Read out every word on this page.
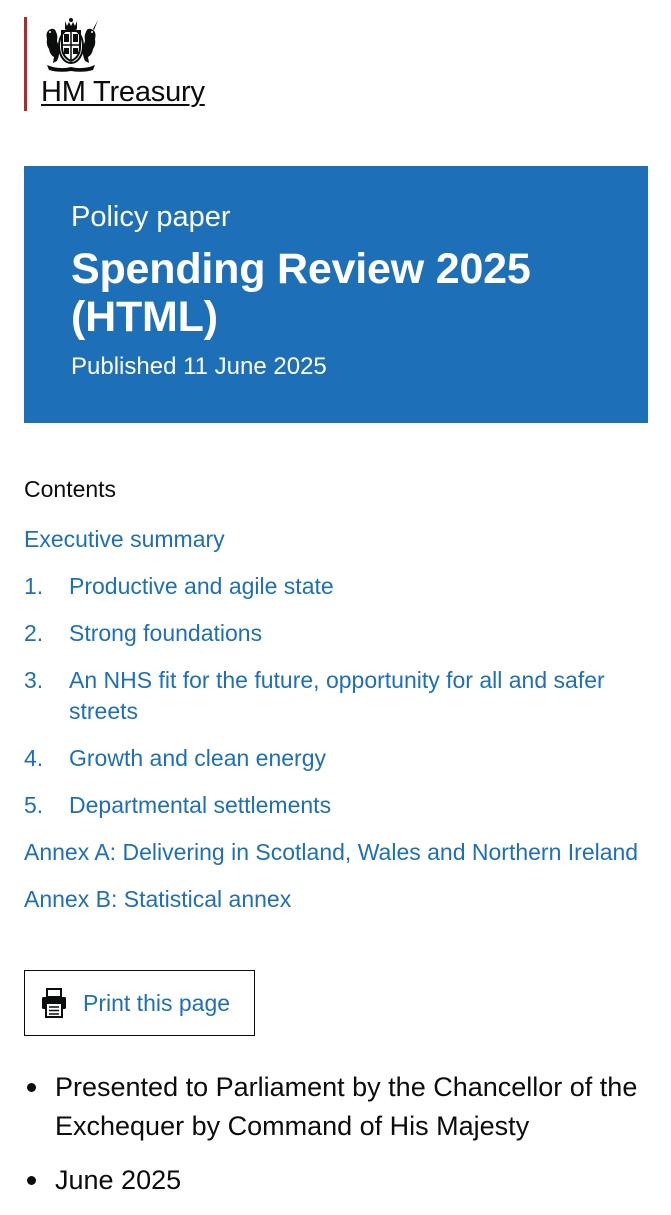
HM Treasury
Policy paper
Spending Review 2025 (HTML)
Published 11 June 2025
Contents
Executive summary
1.	Productive and agile state
2.	Strong foundations
3.	An NHS fit for the future, opportunity for all and safer streets
4.	Growth and clean energy
5.	Departmental settlements
Annex A: Delivering in Scotland, Wales and Northern Ireland
Annex B: Statistical annex
Print this page
Presented to Parliament by the Chancellor of the Exchequer by Command of His Majesty
June 2025
